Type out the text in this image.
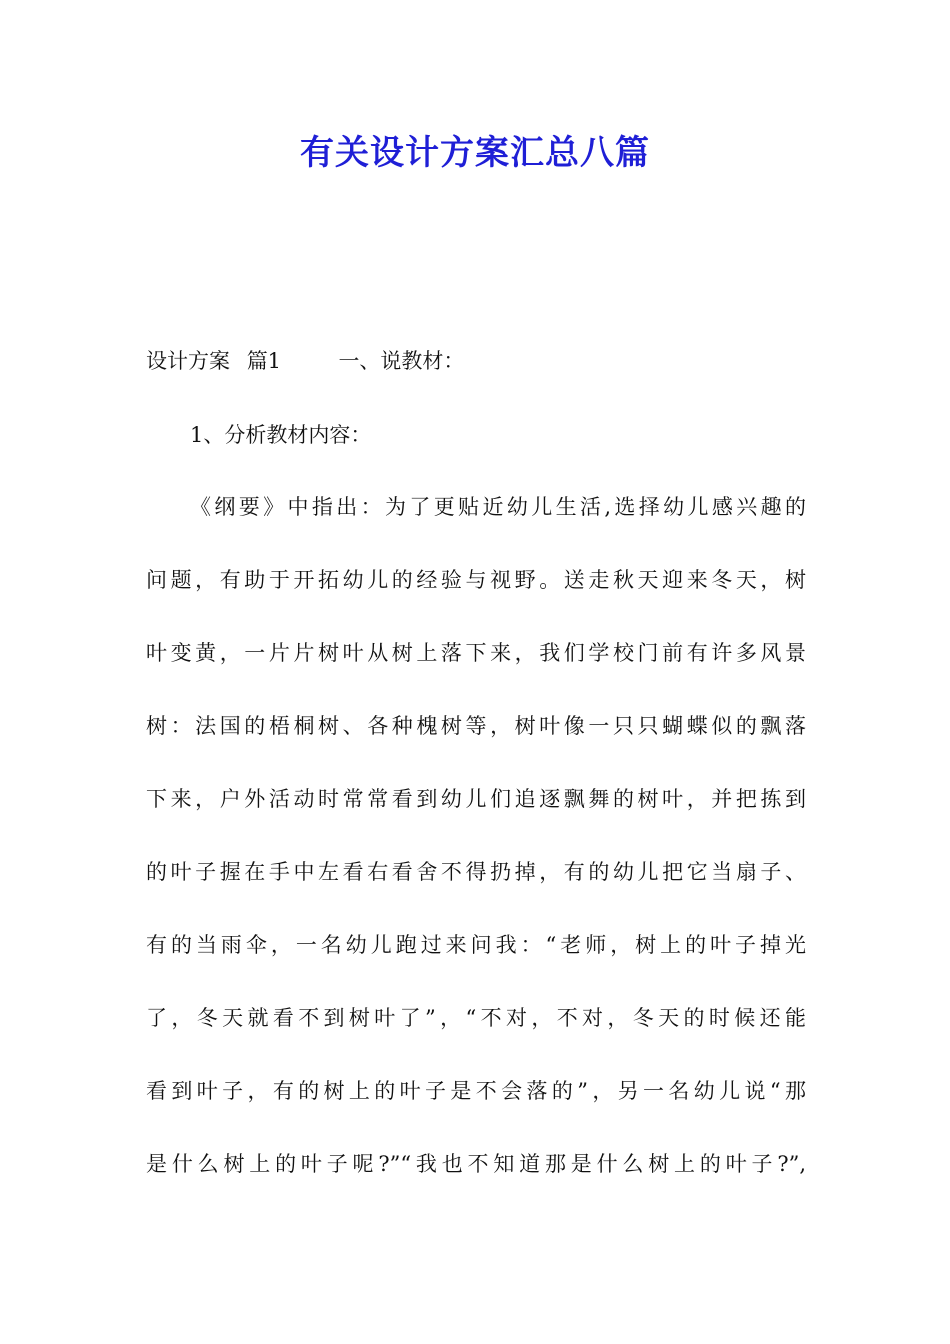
有关设计方案汇总八篇
设计方案 篇1	一、说教材：
1、分析教材内容：
《纲要》中指出：为了更贴近幼儿生活,选择幼儿感兴趣的
问题，有助于开拓幼儿的经验与视野。送走秋天迎来冬天，树
叶变黄，一片片树叶从树上落下来，我们学校门前有许多风景
树：法国的梧桐树、各种槐树等，树叶像一只只蝴蝶似的飘落
下来，户外活动时常常看到幼儿们追逐飘舞的树叶，并把拣到
的叶子握在手中左看右看舍不得扔掉，有的幼儿把它当扇子、
有的当雨伞，一名幼儿跑过来问我：“老师，树上的叶子掉光
了，冬天就看不到树叶了”，“不对，不对，冬天的时候还能
看到叶子，有的树上的叶子是不会落的”，另一名幼儿说“那
是什么树上的叶子呢?”“我也不知道那是什么树上的叶子?”,
